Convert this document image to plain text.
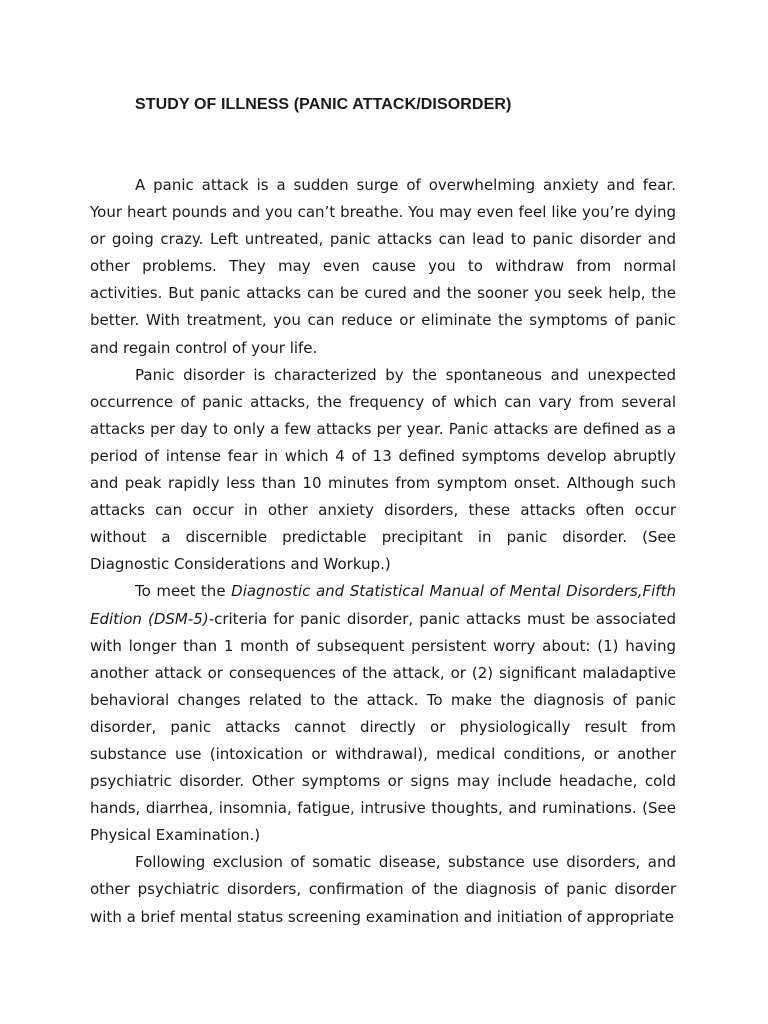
STUDY OF ILLNESS (PANIC ATTACK/DISORDER)

A panic attack is a sudden surge of overwhelming anxiety and fear. Your heart pounds and you can’t breathe. You may even feel like you’re dying or going crazy. Left untreated, panic attacks can lead to panic disorder and other problems. They may even cause you to withdraw from normal activities. But panic attacks can be cured and the sooner you seek help, the better. With treatment, you can reduce or eliminate the symptoms of panic and regain control of your life.

Panic disorder is characterized by the spontaneous and unexpected occurrence of panic attacks, the frequency of which can vary from several attacks per day to only a few attacks per year. Panic attacks are defined as a period of intense fear in which 4 of 13 defined symptoms develop abruptly and peak rapidly less than 10 minutes from symptom onset. Although such attacks can occur in other anxiety disorders, these attacks often occur without a discernible predictable precipitant in panic disorder. (See Diagnostic Considerations and Workup.)

To meet the Diagnostic and Statistical Manual of Mental Disorders,Fifth Edition (DSM-5)-criteria for panic disorder, panic attacks must be associated with longer than 1 month of subsequent persistent worry about: (1) having another attack or consequences of the attack, or (2) significant maladaptive behavioral changes related to the attack. To make the diagnosis of panic disorder, panic attacks cannot directly or physiologically result from substance use (intoxication or withdrawal), medical conditions, or another psychiatric disorder. Other symptoms or signs may include headache, cold hands, diarrhea, insomnia, fatigue, intrusive thoughts, and ruminations. (See Physical Examination.)

Following exclusion of somatic disease, substance use disorders, and other psychiatric disorders, confirmation of the diagnosis of panic disorder with a brief mental status screening examination and initiation of appropriate
